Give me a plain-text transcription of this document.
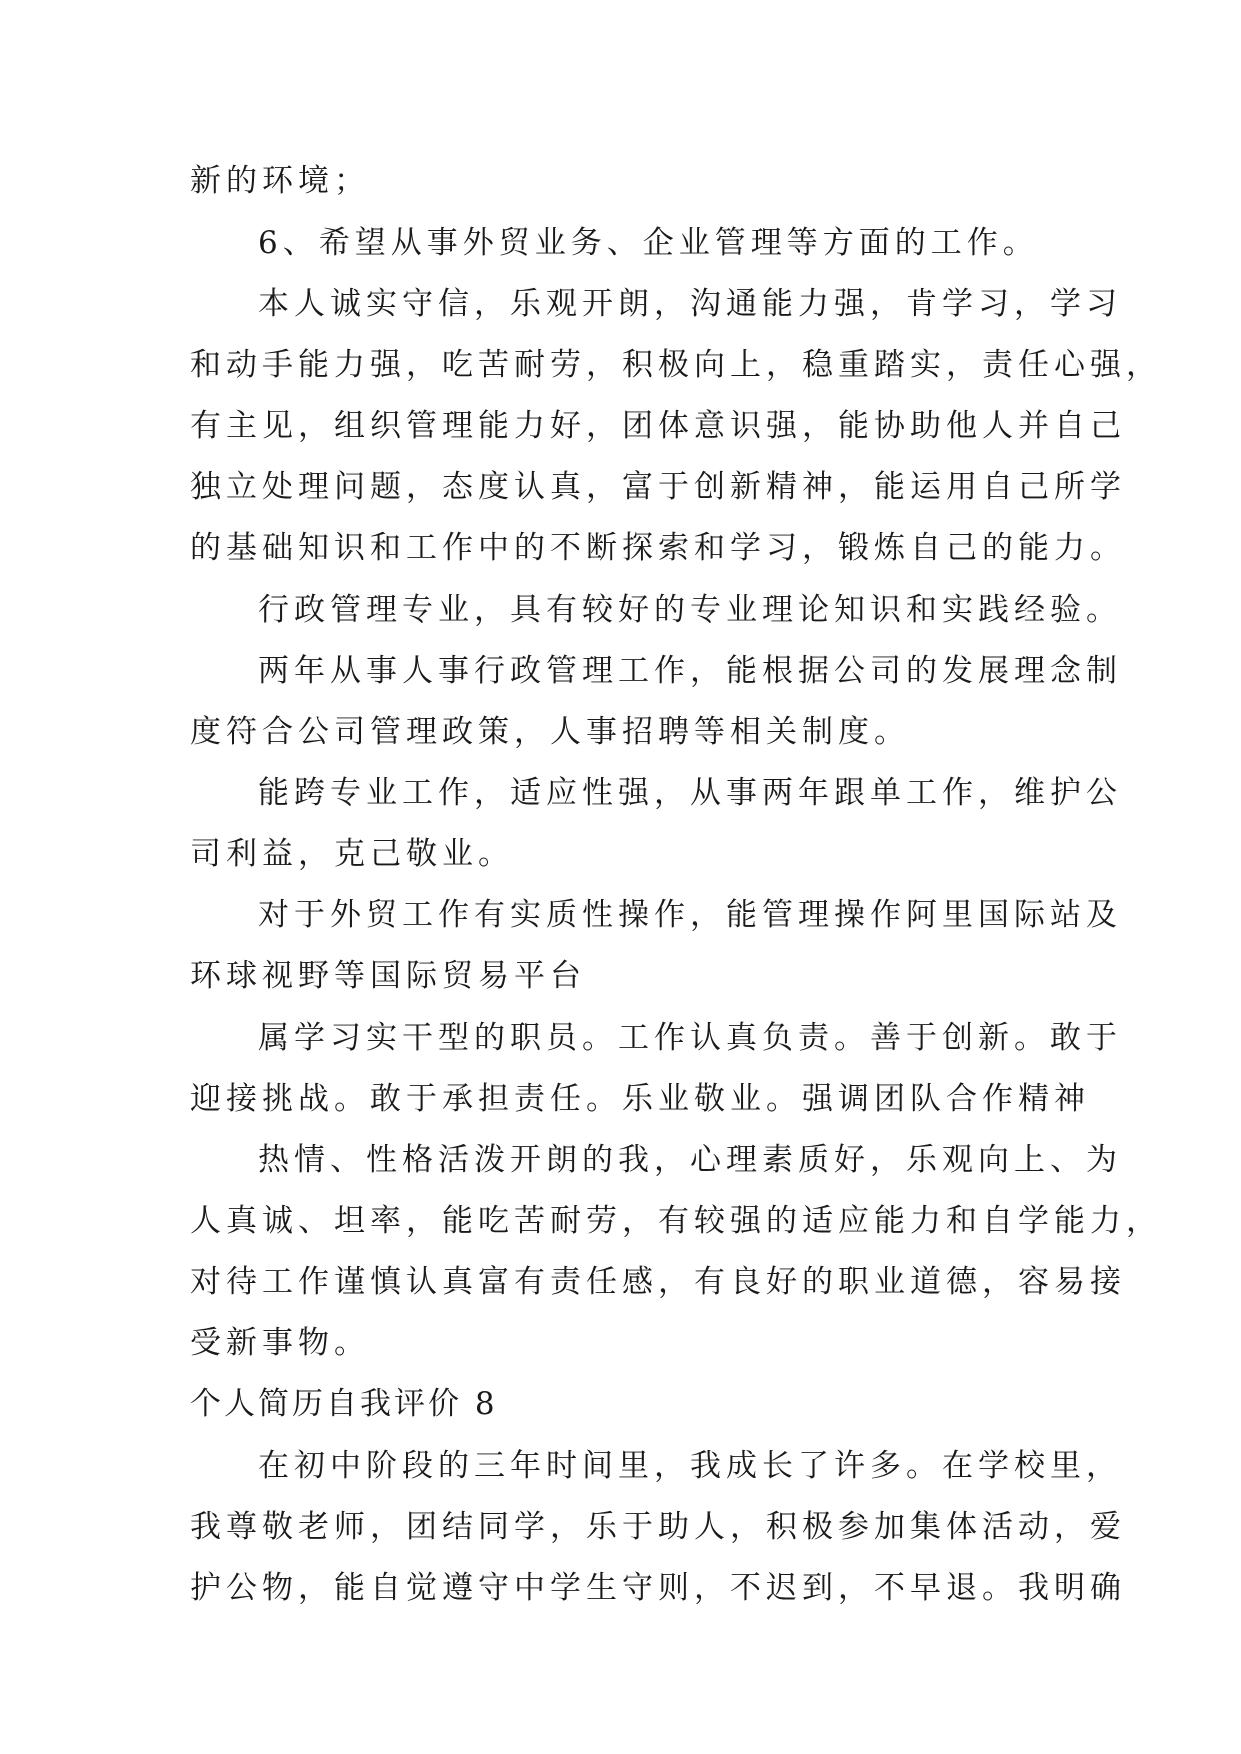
新的环境；
6、希望从事外贸业务、企业管理等方面的工作。
本人诚实守信，乐观开朗，沟通能力强，肯学习，学习
和动手能力强，吃苦耐劳，积极向上，稳重踏实，责任心强，
有主见，组织管理能力好，团体意识强，能协助他人并自己
独立处理问题，态度认真，富于创新精神，能运用自己所学
的基础知识和工作中的不断探索和学习，锻炼自己的能力。
行政管理专业，具有较好的专业理论知识和实践经验。
两年从事人事行政管理工作，能根据公司的发展理念制
度符合公司管理政策，人事招聘等相关制度。
能跨专业工作，适应性强，从事两年跟单工作，维护公
司利益，克己敬业。
对于外贸工作有实质性操作，能管理操作阿里国际站及
环球视野等国际贸易平台
属学习实干型的职员。工作认真负责。善于创新。敢于
迎接挑战。敢于承担责任。乐业敬业。强调团队合作精神
热情、性格活泼开朗的我，心理素质好，乐观向上、为
人真诚、坦率，能吃苦耐劳，有较强的适应能力和自学能力，
对待工作谨慎认真富有责任感，有良好的职业道德，容易接
受新事物。
个人简历自我评价 8
在初中阶段的三年时间里，我成长了许多。在学校里，
我尊敬老师，团结同学，乐于助人，积极参加集体活动，爱
护公物，能自觉遵守中学生守则，不迟到，不早退。我明确
